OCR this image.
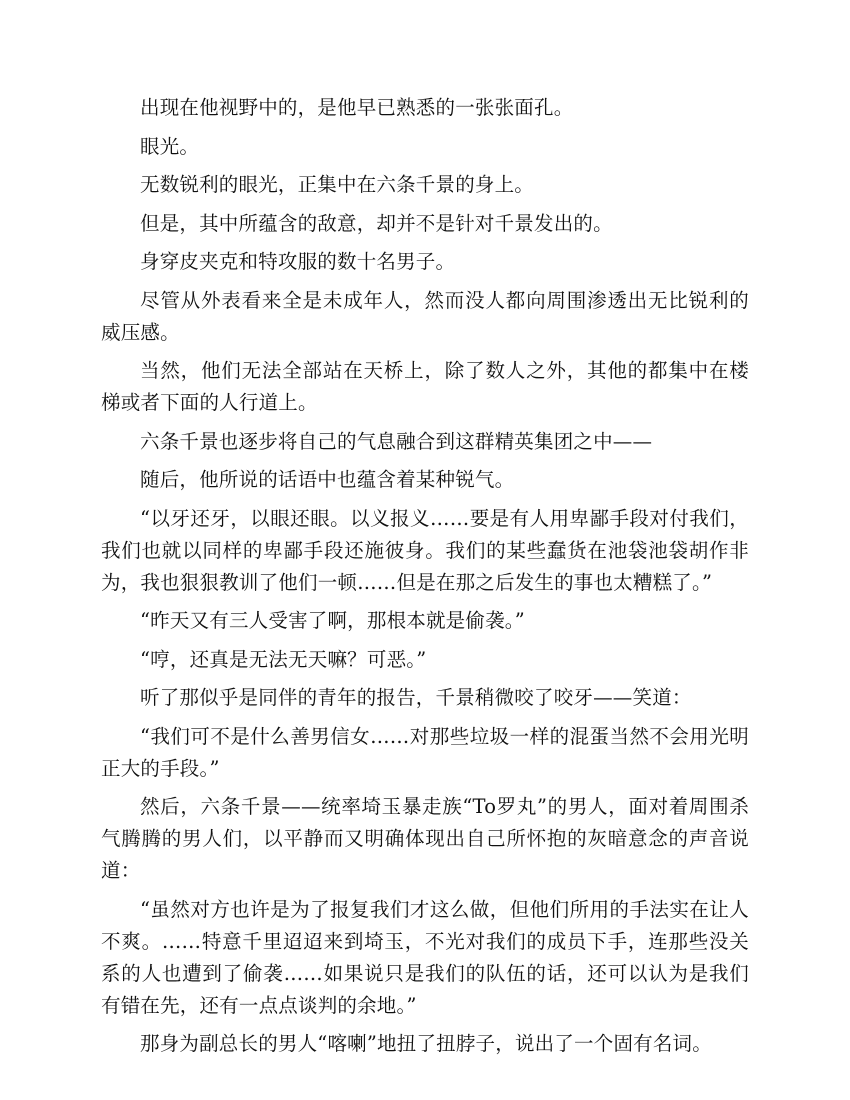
出现在他视野中的，是他早已熟悉的一张张面孔。

眼光。

无数锐利的眼光，正集中在六条千景的身上。

但是，其中所蕴含的敌意，却并不是针对千景发出的。

身穿皮夹克和特攻服的数十名男子。

尽管从外表看来全是未成年人，然而没人都向周围渗透出无比锐利的威压感。

当然，他们无法全部站在天桥上，除了数人之外，其他的都集中在楼梯或者下面的人行道上。

六条千景也逐步将自己的气息融合到这群精英集团之中——

随后，他所说的话语中也蕴含着某种锐气。

“以牙还牙，以眼还眼。以义报义……要是有人用卑鄙手段对付我们，我们也就以同样的卑鄙手段还施彼身。我们的某些蠢货在池袋池袋胡作非为，我也狠狠教训了他们一顿……但是在那之后发生的事也太糟糕了。”

“昨天又有三人受害了啊，那根本就是偷袭。”

“哼，还真是无法无天嘛？可恶。”

听了那似乎是同伴的青年的报告，千景稍微咬了咬牙——笑道：

“我们可不是什么善男信女……对那些垃圾一样的混蛋当然不会用光明正大的手段。”

然后，六条千景——统率埼玉暴走族“To罗丸”的男人，面对着周围杀气腾腾的男人们，以平静而又明确体现出自己所怀抱的灰暗意念的声音说道：

“虽然对方也许是为了报复我们才这么做，但他们所用的手法实在让人不爽。……特意千里迢迢来到埼玉，不光对我们的成员下手，连那些没关系的人也遭到了偷袭……如果说只是我们的队伍的话，还可以认为是我们有错在先，还有一点点谈判的余地。”

那身为副总长的男人“喀喇”地扭了扭脖子，说出了一个固有名词。
